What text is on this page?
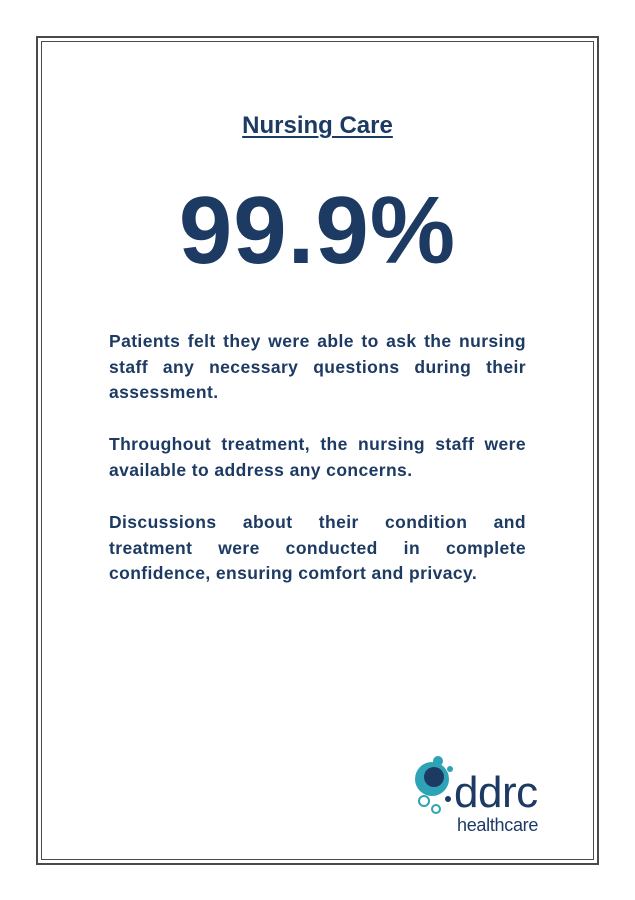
Nursing Care
99.9%

Patients felt they were able to ask the nursing staff any necessary questions during their assessment.

Throughout treatment, the nursing staff were available to address any concerns.

Discussions about their condition and treatment were conducted in complete confidence, ensuring comfort and privacy.

ddrc
healthcare
